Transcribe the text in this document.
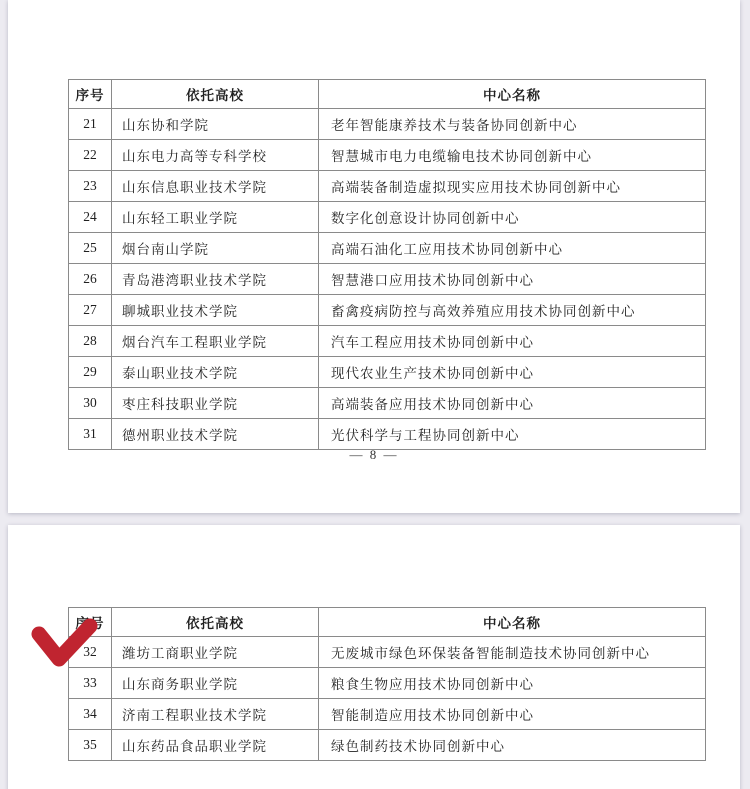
序号	依托高校	中心名称
21	山东协和学院	老年智能康养技术与装备协同创新中心
22	山东电力高等专科学校	智慧城市电力电缆输电技术协同创新中心
23	山东信息职业技术学院	高端装备制造虚拟现实应用技术协同创新中心
24	山东轻工职业学院	数字化创意设计协同创新中心
25	烟台南山学院	高端石油化工应用技术协同创新中心
26	青岛港湾职业技术学院	智慧港口应用技术协同创新中心
27	聊城职业技术学院	畜禽疫病防控与高效养殖应用技术协同创新中心
28	烟台汽车工程职业学院	汽车工程应用技术协同创新中心
29	泰山职业技术学院	现代农业生产技术协同创新中心
30	枣庄科技职业学院	高端装备应用技术协同创新中心
31	德州职业技术学院	光伏科学与工程协同创新中心
— 8 —
序号	依托高校	中心名称
32	潍坊工商职业学院	无废城市绿色环保装备智能制造技术协同创新中心
33	山东商务职业学院	粮食生物应用技术协同创新中心
34	济南工程职业技术学院	智能制造应用技术协同创新中心
35	山东药品食品职业学院	绿色制药技术协同创新中心
